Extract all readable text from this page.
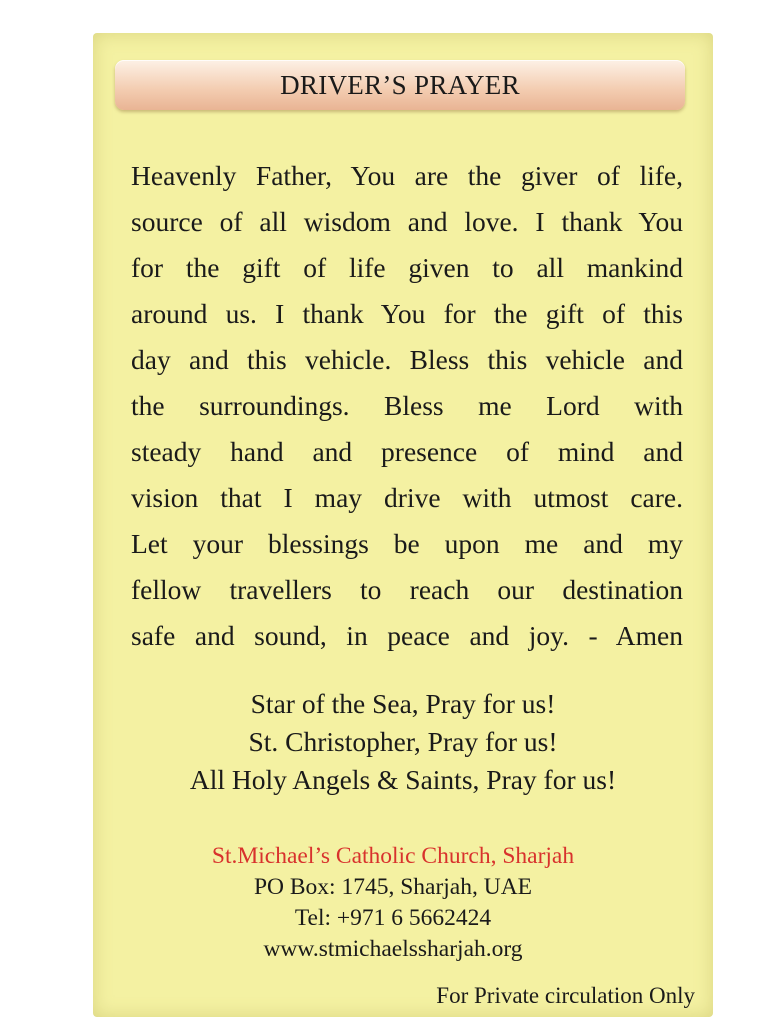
DRIVER’S PRAYER

Heavenly Father, You are the giver of life,
source of all wisdom and love. I thank You
for the gift of life given to all mankind
around us. I thank You for the gift of this
day and this vehicle. Bless this vehicle and
the surroundings. Bless me Lord with
steady hand and presence of mind and
vision that I may drive with utmost care.
Let your blessings be upon me and my
fellow travellers to reach our destination
safe and sound, in peace and joy. - Amen

Star of the Sea, Pray for us!
St. Christopher, Pray for us!
All Holy Angels & Saints, Pray for us!
St.Michael’s Catholic Church, Sharjah
PO Box: 1745, Sharjah, UAE
Tel: +971 6 5662424
www.stmichaelssharjah.org
For Private circulation Only
